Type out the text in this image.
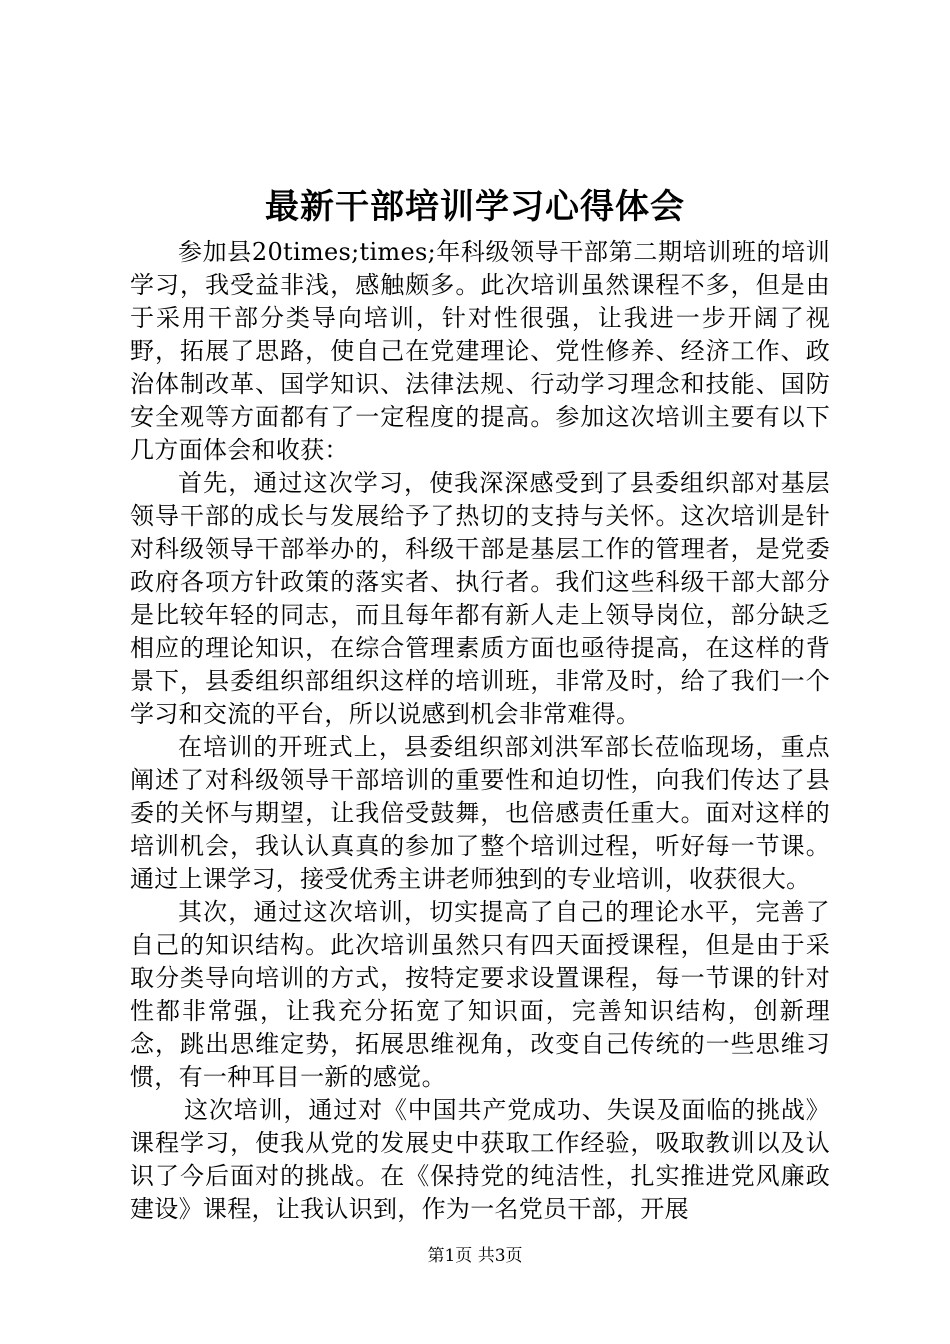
最新干部培训学习心得体会

参加县20times;times;年科级领导干部第二期培训班的培训学习，我受益非浅，感触颇多。此次培训虽然课程不多，但是由于采用干部分类导向培训，针对性很强，让我进一步开阔了视野，拓展了思路，使自己在党建理论、党性修养、经济工作、政治体制改革、国学知识、法律法规、行动学习理念和技能、国防安全观等方面都有了一定程度的提高。参加这次培训主要有以下几方面体会和收获：

首先，通过这次学习，使我深深感受到了县委组织部对基层领导干部的成长与发展给予了热切的支持与关怀。这次培训是针对科级领导干部举办的，科级干部是基层工作的管理者，是党委政府各项方针政策的落实者、执行者。我们这些科级干部大部分是比较年轻的同志，而且每年都有新人走上领导岗位，部分缺乏相应的理论知识，在综合管理素质方面也亟待提高，在这样的背景下，县委组织部组织这样的培训班，非常及时，给了我们一个学习和交流的平台，所以说感到机会非常难得。

在培训的开班式上，县委组织部刘洪军部长莅临现场，重点阐述了对科级领导干部培训的重要性和迫切性，向我们传达了县委的关怀与期望，让我倍受鼓舞，也倍感责任重大。面对这样的培训机会，我认认真真的参加了整个培训过程，听好每一节课。通过上课学习，接受优秀主讲老师独到的专业培训，收获很大。

其次，通过这次培训，切实提高了自己的理论水平，完善了自己的知识结构。此次培训虽然只有四天面授课程，但是由于采取分类导向培训的方式，按特定要求设置课程，每一节课的针对性都非常强，让我充分拓宽了知识面，完善知识结构，创新理念，跳出思维定势，拓展思维视角，改变自己传统的一些思维习惯，有一种耳目一新的感觉。

这次培训，通过对《中国共产党成功、失误及面临的挑战》课程学习，使我从党的发展史中获取工作经验，吸取教训以及认识了今后面对的挑战。在《保持党的纯洁性，扎实推进党风廉政建设》课程，让我认识到，作为一名党员干部，开展

第1页 共3页
